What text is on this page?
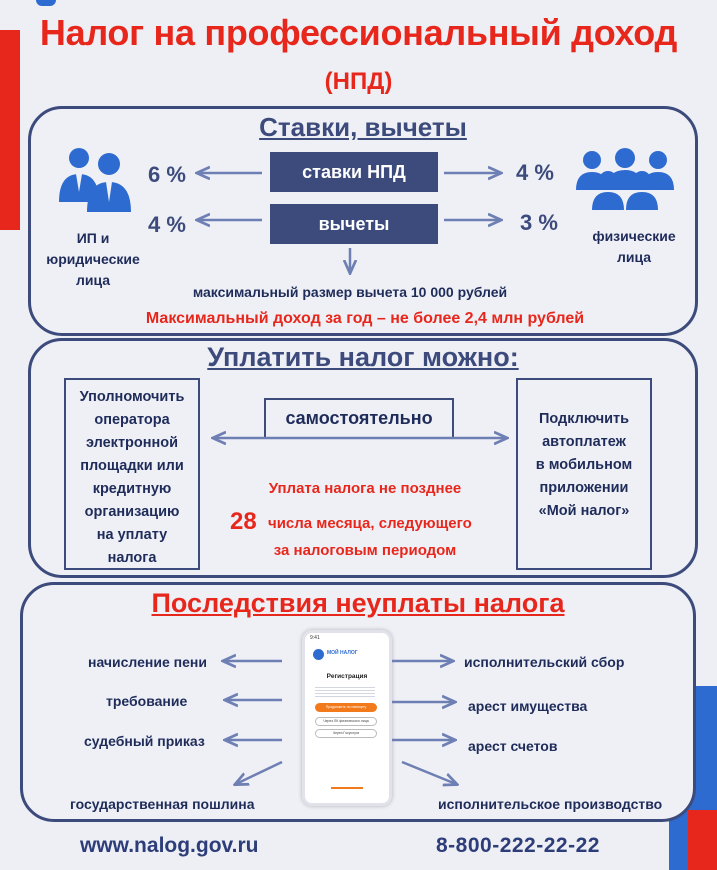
Налог на профессиональный доход
(НПД)
Ставки, вычеты
ставки НПД
вычеты
6 %
4 %
4 %
3 %
ИП и
юридические
лица
физические
лица
максимальный размер вычета 10 000 рублей
Максимальный доход за год – не более 2,4 млн рублей
Уплатить налог можно:
Уполномочить
оператора
электронной
площадки или
кредитную
организацию
на уплату
налога
Подключить
автоплатеж
в мобильном
приложении
«Мой налог»
самостоятельно
Уплата налога не позднее
28 числа месяца, следующего
за налоговым периодом
Последствия неуплаты налога
начисление пени
требование
судебный приказ
государственная пошлина
исполнительский сбор
арест имущества
арест счетов
исполнительское производство
9:41
МОЙ НАЛОГ
Регистрация
Продолжить по паспорту
Через ЛК физического лица
Через Госуслуги
www.nalog.gov.ru	8-800-222-22-22
